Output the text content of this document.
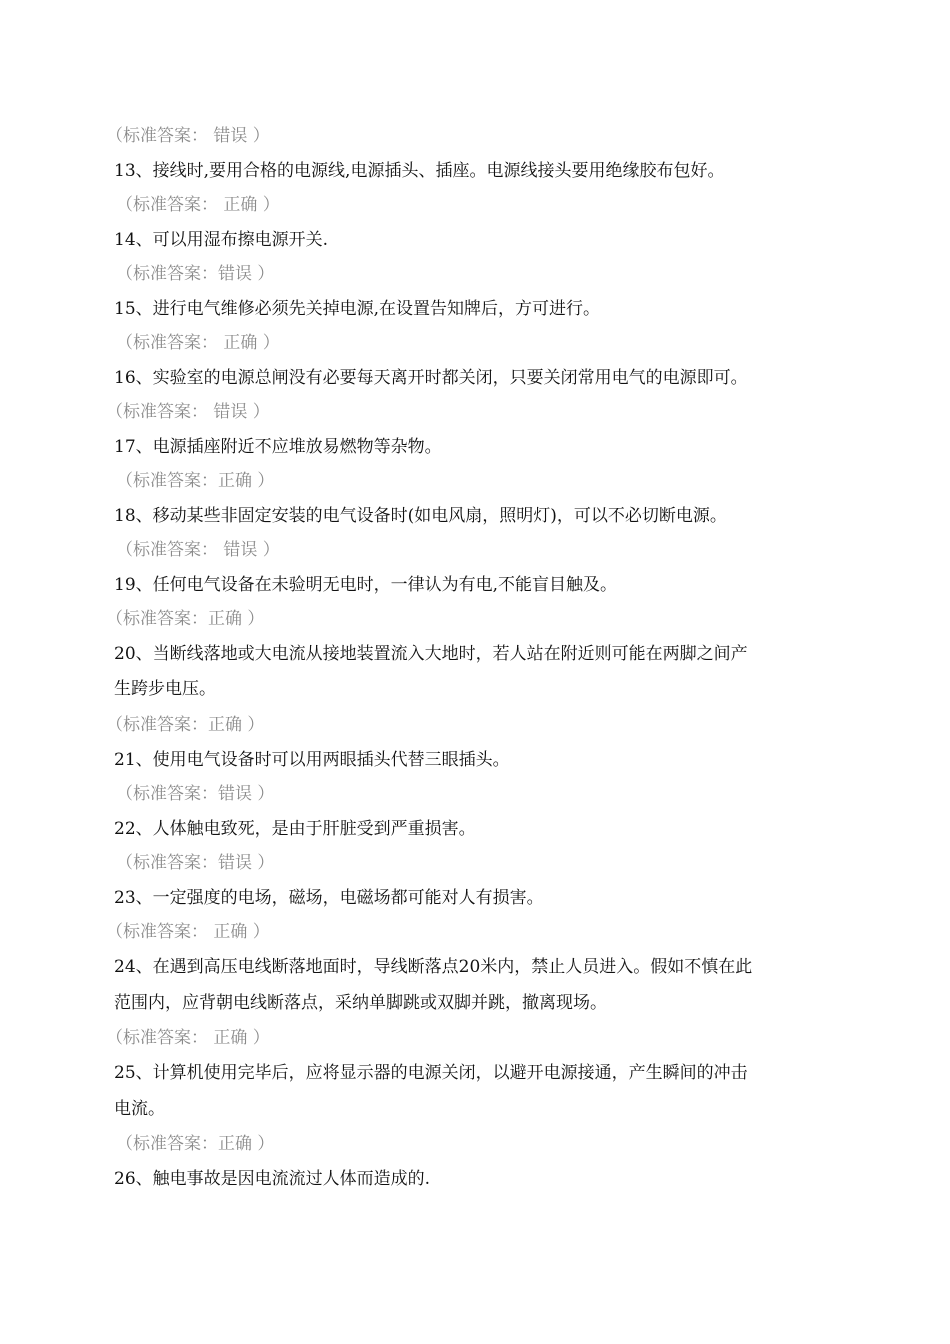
（标准答案： 错误 ）
13、接线时,要用合格的电源线,电源插头、插座。电源线接头要用绝缘胶布包好。
（标准答案： 正确 ）
14、可以用湿布擦电源开关.
（标准答案：错误 ）
15、进行电气维修必须先关掉电源,在设置告知牌后，方可进行。
（标准答案： 正确 ）
16、实验室的电源总闸没有必要每天离开时都关闭，只要关闭常用电气的电源即可。
（标准答案： 错误 ）
17、电源插座附近不应堆放易燃物等杂物。
（标准答案：正确 ）
18、移动某些非固定安装的电气设备时(如电风扇，照明灯)，可以不必切断电源。
（标准答案： 错误 ）
19、任何电气设备在未验明无电时，一律认为有电,不能盲目触及。
（标准答案：正确 ）
20、当断线落地或大电流从接地装置流入大地时，若人站在附近则可能在两脚之间产
生跨步电压。
（标准答案：正确 ）
21、使用电气设备时可以用两眼插头代替三眼插头。
（标准答案：错误 ）
22、人体触电致死，是由于肝脏受到严重损害。
（标准答案：错误 ）
23、一定强度的电场，磁场，电磁场都可能对人有损害。
（标准答案： 正确 ）
24、在遇到高压电线断落地面时，导线断落点20米内，禁止人员进入。假如不慎在此
范围内，应背朝电线断落点，采纳单脚跳或双脚并跳，撤离现场。
（标准答案： 正确 ）
25、计算机使用完毕后，应将显示器的电源关闭，以避开电源接通，产生瞬间的冲击
电流。
（标准答案：正确 ）
26、触电事故是因电流流过人体而造成的.
